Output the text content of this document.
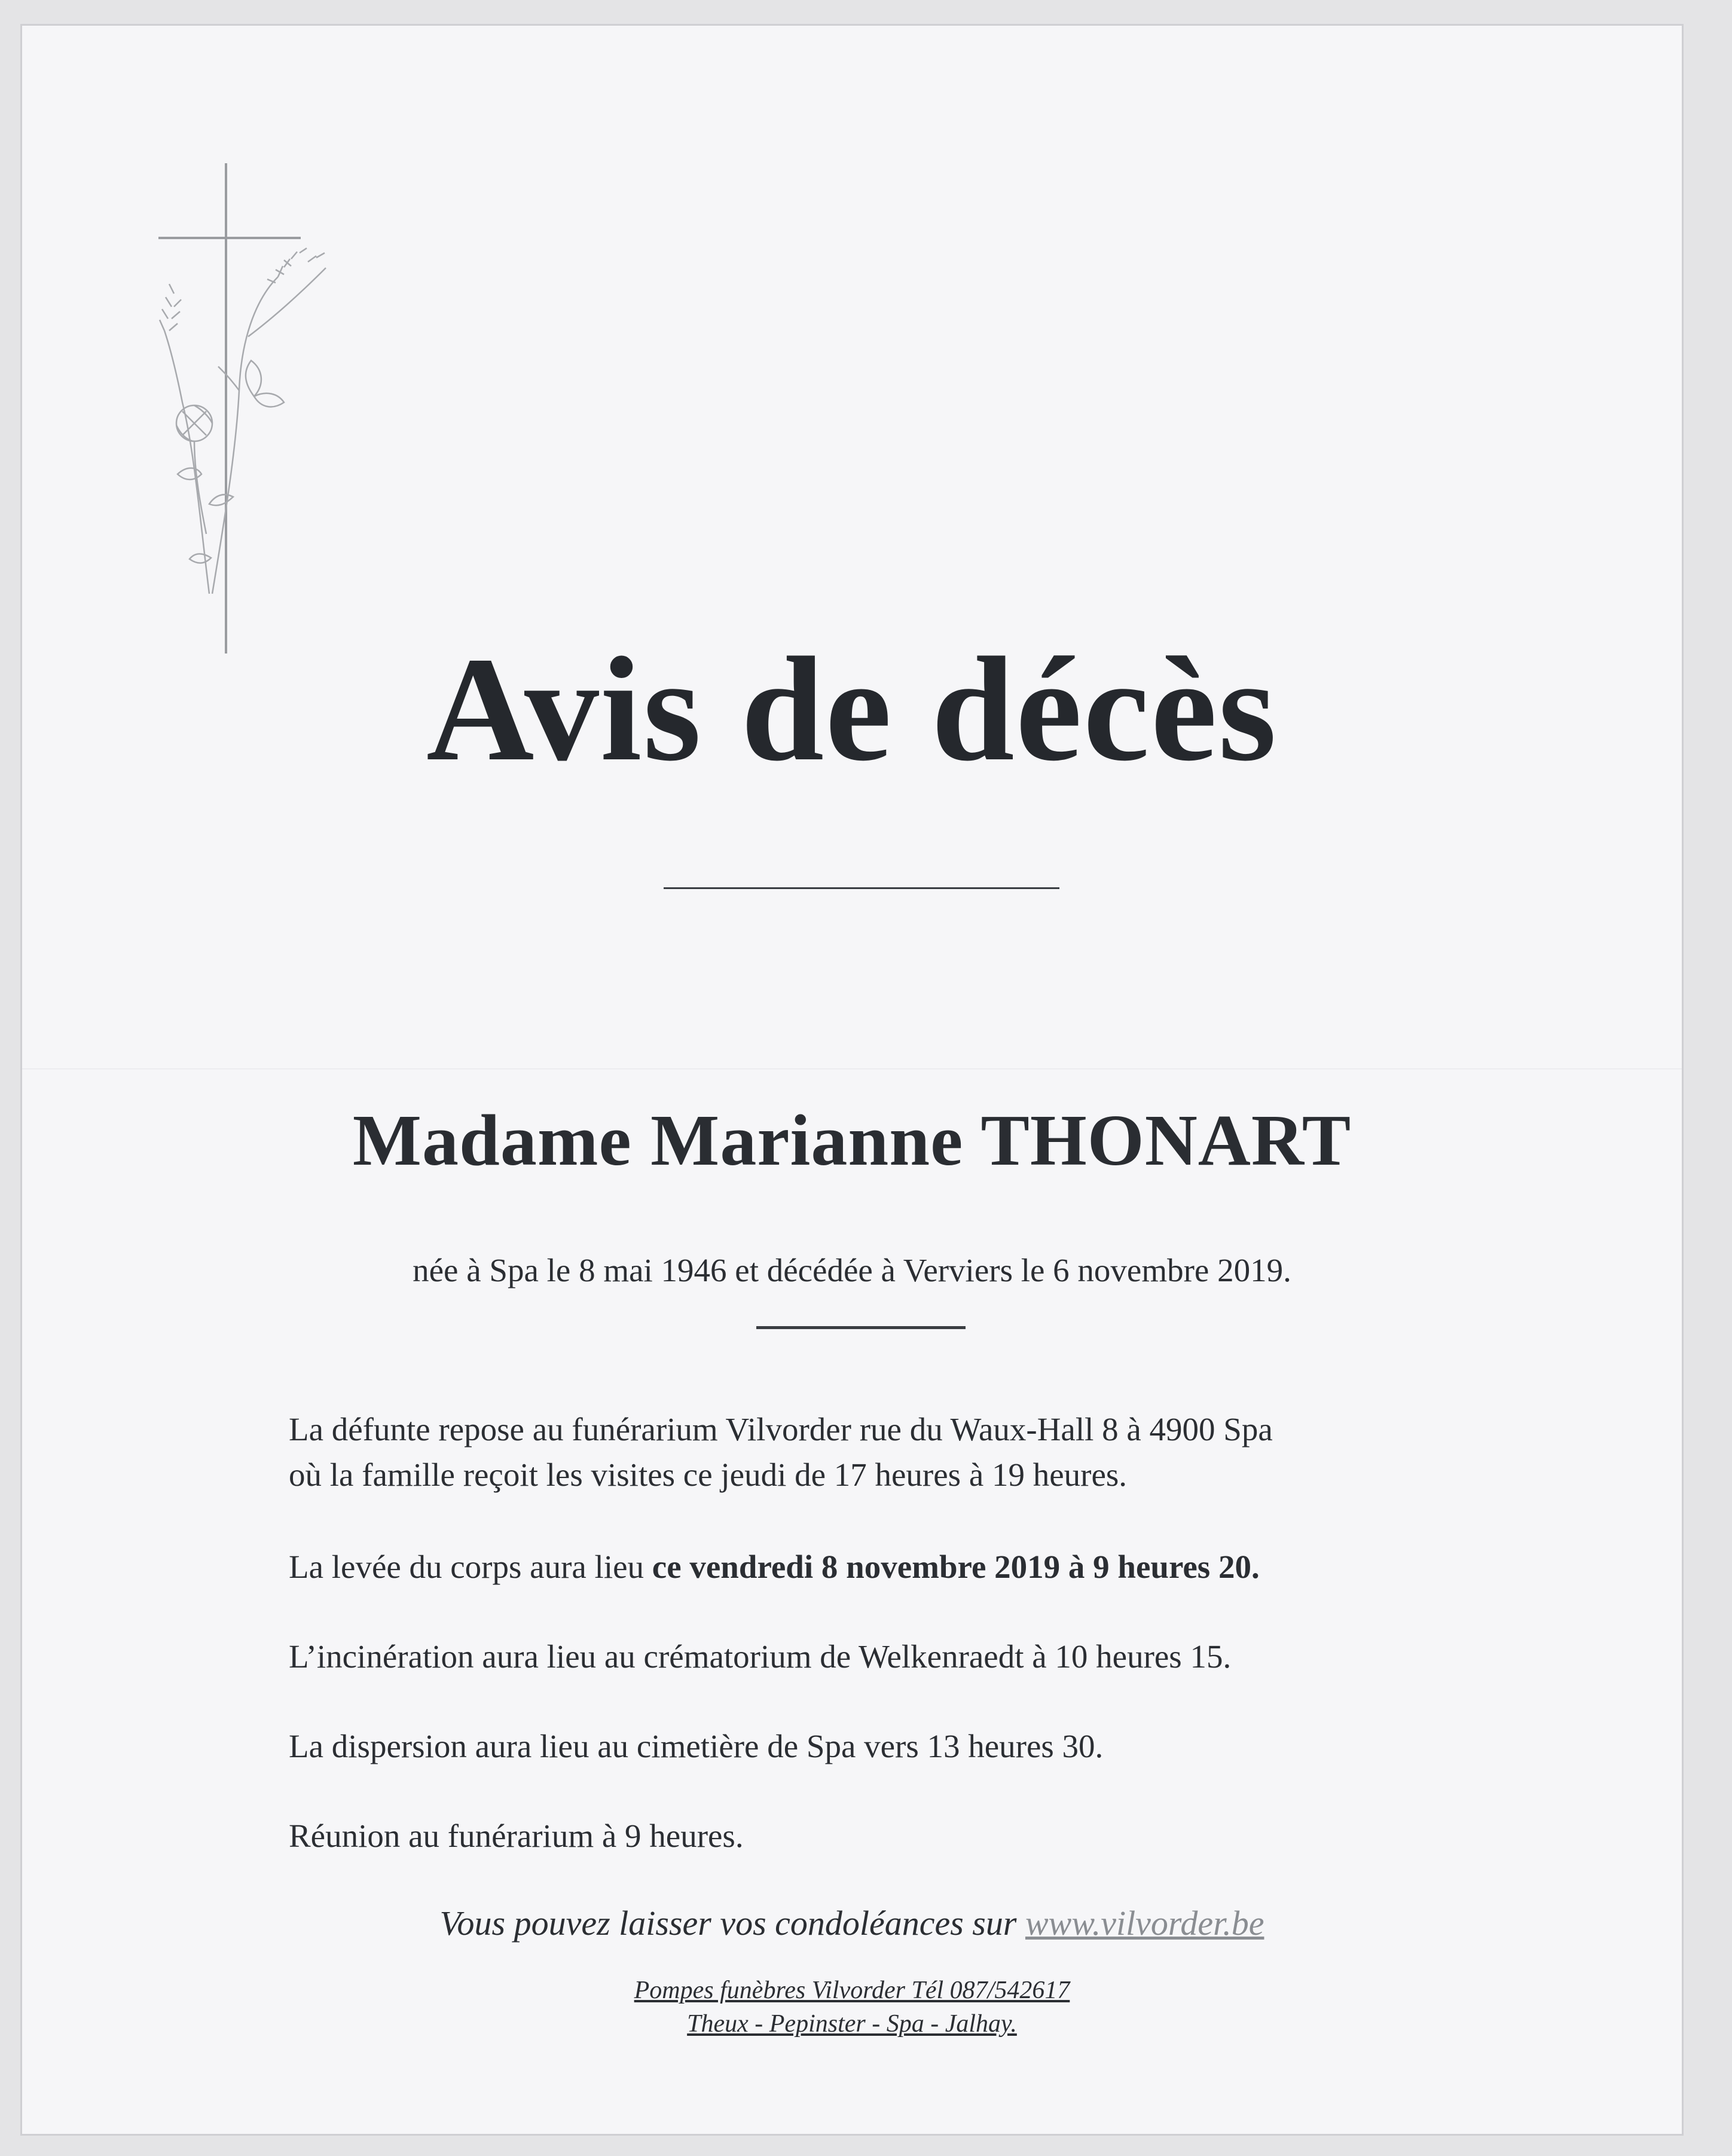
Avis de décès
Madame Marianne THONART

née à Spa le 8 mai 1946 et décédée à Verviers le 6 novembre 2019.

La défunte repose au funérarium Vilvorder rue du Waux-Hall 8 à 4900 Spa
où la famille reçoit les visites ce jeudi de 17 heures à 19 heures.

La levée du corps aura lieu ce vendredi 8 novembre 2019 à 9 heures 20.

L’incinération aura lieu au crématorium de Welkenraedt à 10 heures 15.

La dispersion aura lieu au cimetière de Spa vers 13 heures 30.

Réunion au funérarium à 9 heures.

Vous pouvez laisser vos condoléances sur www.vilvorder.be

Pompes funèbres Vilvorder Tél 087/542617

Theux - Pepinster - Spa - Jalhay.
